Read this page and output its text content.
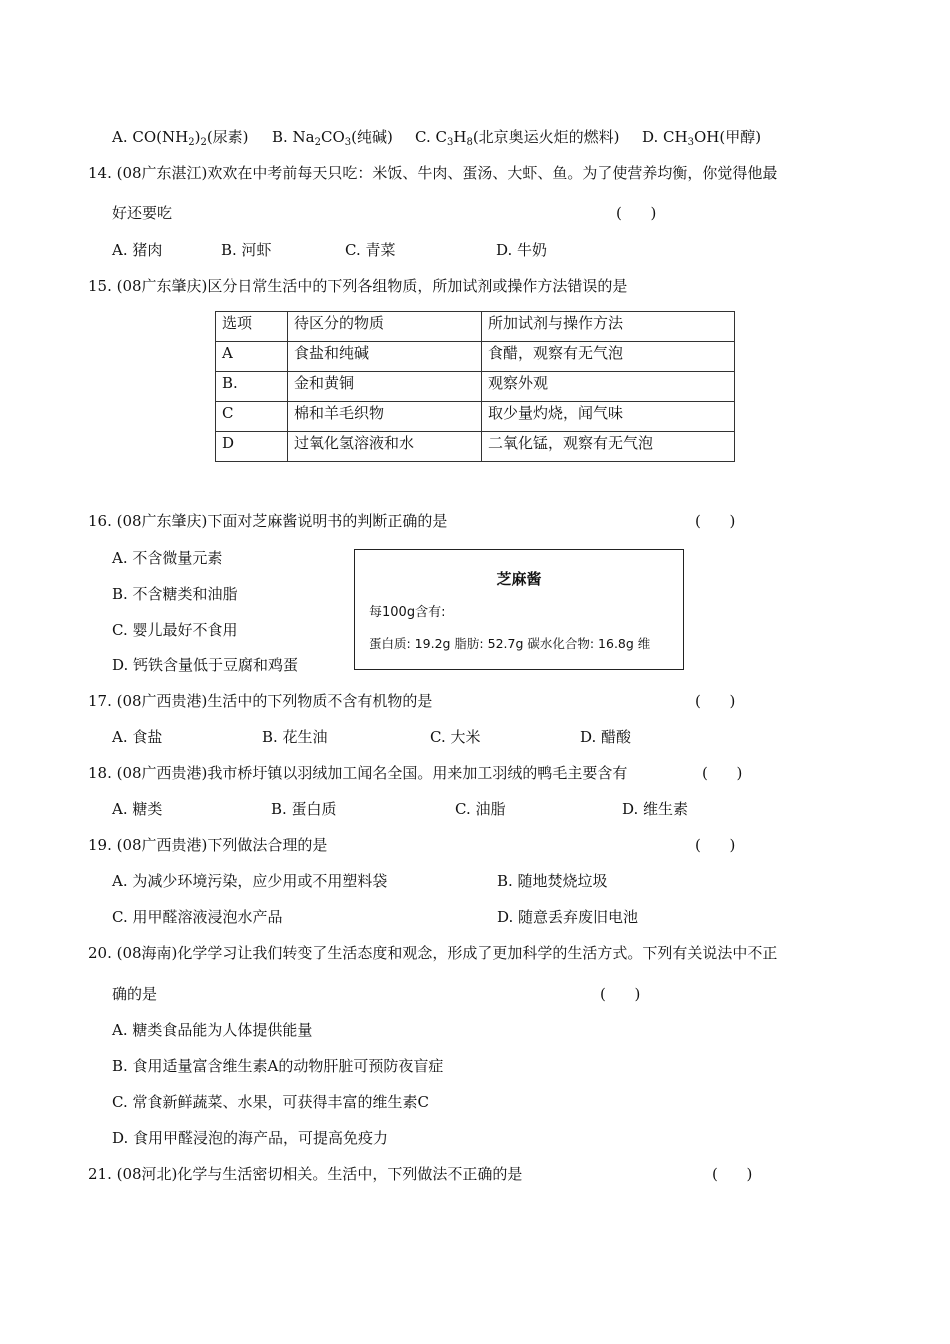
A. $CO(NH_2)_2$(尿素) B. $Na_2CO_3$(纯碱) C. $C_3H_8$(北京奥运火炬的燃料) D. $CH_3OH$(甲醇)
14. (08广东湛江)欢欢在中考前每天只吃：米饭、牛肉、蛋汤、大虾、鱼。为了使营养均衡，你觉得他最
好还要吃	(      )
A. 猪肉	B. 河虾	C. 青菜	D. 牛奶
15. (08广东肇庆)区分日常生活中的下列各组物质，所加试剂或操作方法错误的是
选项	待区分的物质	所加试剂与操作方法
A	食盐和纯碱	食醋，观察有无气泡
B.	金和黄铜	观察外观
C	棉和羊毛织物	取少量灼烧，闻气味
D	过氧化氢溶液和水	二氧化锰，观察有无气泡
16. (08广东肇庆)下面对芝麻酱说明书的判断正确的是	(      )
A. 不含微量元素
B. 不含糖类和油脂
C. 婴儿最好不食用
D. 钙铁含量低于豆腐和鸡蛋
芝麻酱
每100g含有:
蛋白质: 19.2g 脂肪: 52.7g 碳水化合物: 16.8g 维
17. (08广西贵港)生活中的下列物质不含有机物的是	(      )
A. 食盐	B. 花生油	C. 大米	D. 醋酸
18. (08广西贵港)我市桥圩镇以羽绒加工闻名全国。用来加工羽绒的鸭毛主要含有	(      )
A. 糖类	B. 蛋白质	C. 油脂	D. 维生素
19. (08广西贵港)下列做法合理的是	(      )
A. 为减少环境污染，应少用或不用塑料袋	B. 随地焚烧垃圾
C. 用甲醛溶液浸泡水产品	D. 随意丢弃废旧电池
20. (08海南)化学学习让我们转变了生活态度和观念，形成了更加科学的生活方式。下列有关说法中不正
确的是	(      )
A. 糖类食品能为人体提供能量
B. 食用适量富含维生素A的动物肝脏可预防夜盲症
C. 常食新鲜蔬菜、水果，可获得丰富的维生素C
D. 食用甲醛浸泡的海产品，可提高免疫力
21. (08河北)化学与生活密切相关。生活中，下列做法不正确的是	(      )
